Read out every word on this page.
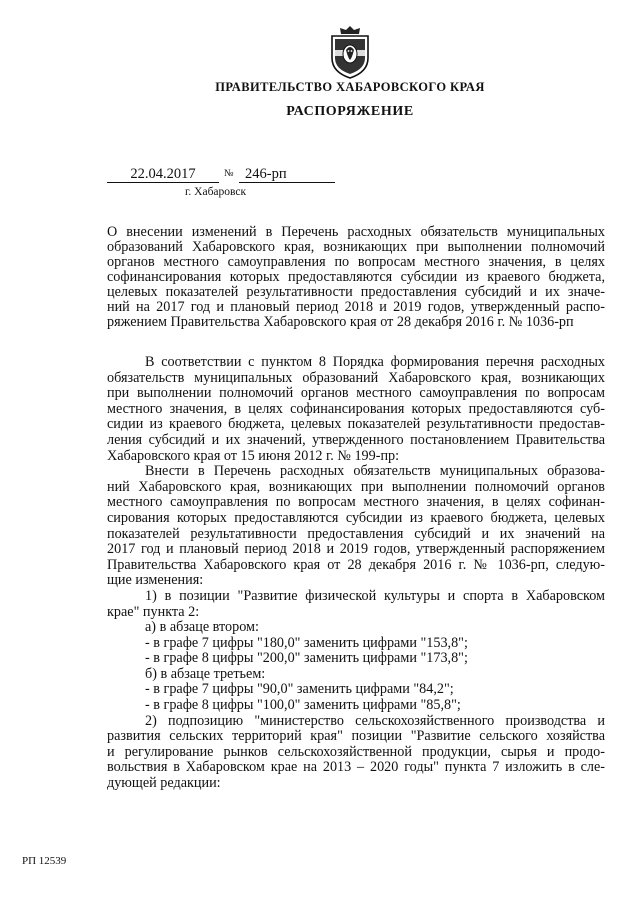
ПРАВИТЕЛЬСТВО ХАБАРОВСКОГО КРАЯ
РАСПОРЯЖЕНИЕ
22.04.2017	№ 246-рп
г. Хабаровск
О внесении изменений в Перечень расходных обязательств муниципальных
образований Хабаровского края, возникающих при выполнении полномочий
органов местного самоуправления по вопросам местного значения, в целях
софинансирования которых предоставляются субсидии из краевого бюджета,
целевых показателей результативности предоставления субсидий и их значе-
ний на 2017 год и плановый период 2018 и 2019 годов, утвержденный распо-
ряжением Правительства Хабаровского края от 28 декабря 2016 г. № 1036-рп
В соответствии с пунктом 8 Порядка формирования перечня расходных
обязательств муниципальных образований Хабаровского края, возникающих
при выполнении полномочий органов местного самоуправления по вопросам
местного значения, в целях софинансирования которых предоставляются суб-
сидии из краевого бюджета, целевых показателей результативности предостав-
ления субсидий и их значений, утвержденного постановлением Правительства
Хабаровского края от 15 июня 2012 г. № 199-пр:
Внести в Перечень расходных обязательств муниципальных образова-
ний Хабаровского края, возникающих при выполнении полномочий органов
местного самоуправления по вопросам местного значения, в целях софинан-
сирования которых предоставляются субсидии из краевого бюджета, целевых
показателей результативности предоставления субсидий и их значений на
2017 год и плановый период 2018 и 2019 годов, утвержденный распоряжением
Правительства Хабаровского края от 28 декабря 2016 г. № 1036-рп, следую-
щие изменения:
1) в позиции "Развитие физической культуры и спорта в Хабаровском
крае" пункта 2:
а) в абзаце втором:
- в графе 7 цифры "180,0" заменить цифрами "153,8";
- в графе 8 цифры "200,0" заменить цифрами "173,8";
б) в абзаце третьем:
- в графе 7 цифры "90,0" заменить цифрами "84,2";
- в графе 8 цифры "100,0" заменить цифрами "85,8";
2) подпозицию "министерство сельскохозяйственного производства и
развития сельских территорий края" позиции "Развитие сельского хозяйства
и регулирование рынков сельскохозяйственной продукции, сырья и продо-
вольствия в Хабаровском крае на 2013 – 2020 годы" пункта 7 изложить в сле-
дующей редакции:
РП 12539
